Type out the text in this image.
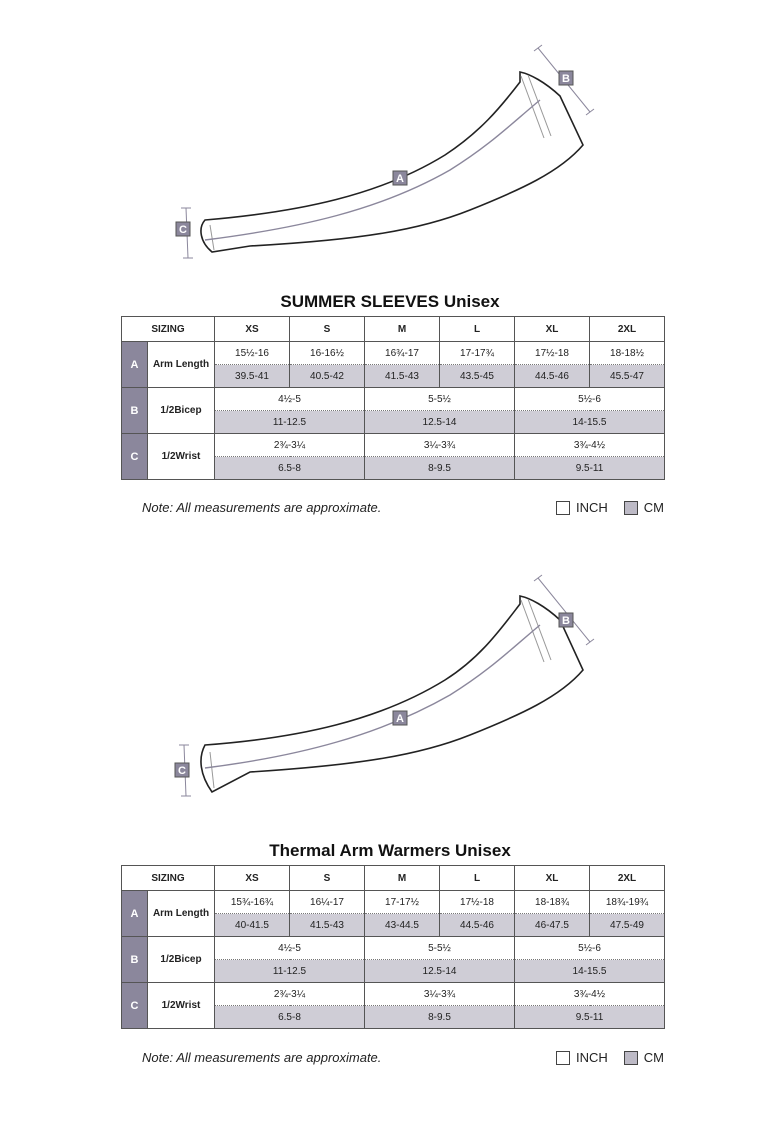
A
B
C
SUMMER SLEEVES Unisex
SIZING		XS	S	M	L	XL	2XL
A	Arm Length	15½-16	16-16½	16¾-17	17-17¾	17½-18	18-18½
		39.5-41	40.5-42	41.5-43	43.5-45	44.5-46	45.5-47
B	1/2Bicep	4½-5		5-5½		5½-6	
		11-12.5		12.5-14		14-15.5	
C	1/2Wrist	2¾-3¼		3¼-3¾		3¾-4½	
		6.5-8		8-9.5		9.5-11	
Note: All measurements are approximate.	INCH	CM
A
B
C
Thermal Arm Warmers Unisex
SIZING		XS	S	M	L	XL	2XL
A	Arm Length	15¾-16¾	16¼-17	17-17½	17½-18	18-18¾	18¾-19¾
		40-41.5	41.5-43	43-44.5	44.5-46	46-47.5	47.5-49
B	1/2Bicep	4½-5		5-5½		5½-6	
		11-12.5		12.5-14		14-15.5	
C	1/2Wrist	2¾-3¼		3¼-3¾		3¾-4½	
		6.5-8		8-9.5		9.5-11	
Note: All measurements are approximate.	INCH	CM
